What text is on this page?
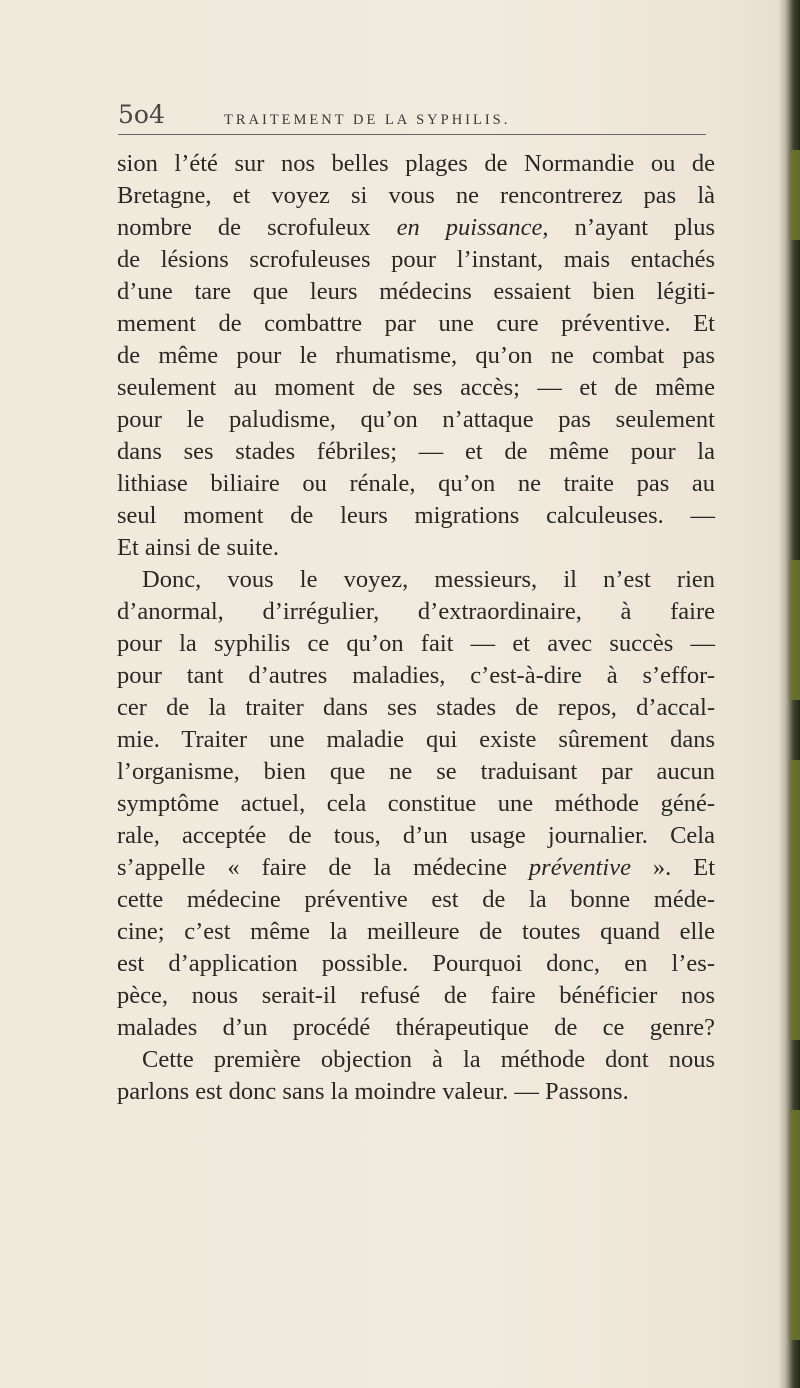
5o4	TRAITEMENT DE LA SYPHILIS.
sion l’été sur nos belles plages de Normandie ou de
Bretagne, et voyez si vous ne rencontrerez pas là
nombre de scrofuleux en puissance, n’ayant plus
de lésions scrofuleuses pour l’instant, mais entachés
d’une tare que leurs médecins essaient bien légiti-
mement de combattre par une cure préventive. Et
de même pour le rhumatisme, qu’on ne combat pas
seulement au moment de ses accès; — et de même
pour le paludisme, qu’on n’attaque pas seulement
dans ses stades fébriles; — et de même pour la
lithiase biliaire ou rénale, qu’on ne traite pas au
seul moment de leurs migrations calculeuses. —
Et ainsi de suite.
Donc, vous le voyez, messieurs, il n’est rien
d’anormal, d’irrégulier, d’extraordinaire, à faire
pour la syphilis ce qu’on fait — et avec succès —
pour tant d’autres maladies, c’est-à-dire à s’effor-
cer de la traiter dans ses stades de repos, d’accal-
mie. Traiter une maladie qui existe sûrement dans
l’organisme, bien que ne se traduisant par aucun
symptôme actuel, cela constitue une méthode géné-
rale, acceptée de tous, d’un usage journalier. Cela
s’appelle « faire de la médecine préventive ». Et
cette médecine préventive est de la bonne méde-
cine; c’est même la meilleure de toutes quand elle
est d’application possible. Pourquoi donc, en l’es-
pèce, nous serait-il refusé de faire bénéficier nos
malades d’un procédé thérapeutique de ce genre?
Cette première objection à la méthode dont nous
parlons est donc sans la moindre valeur. — Passons.
